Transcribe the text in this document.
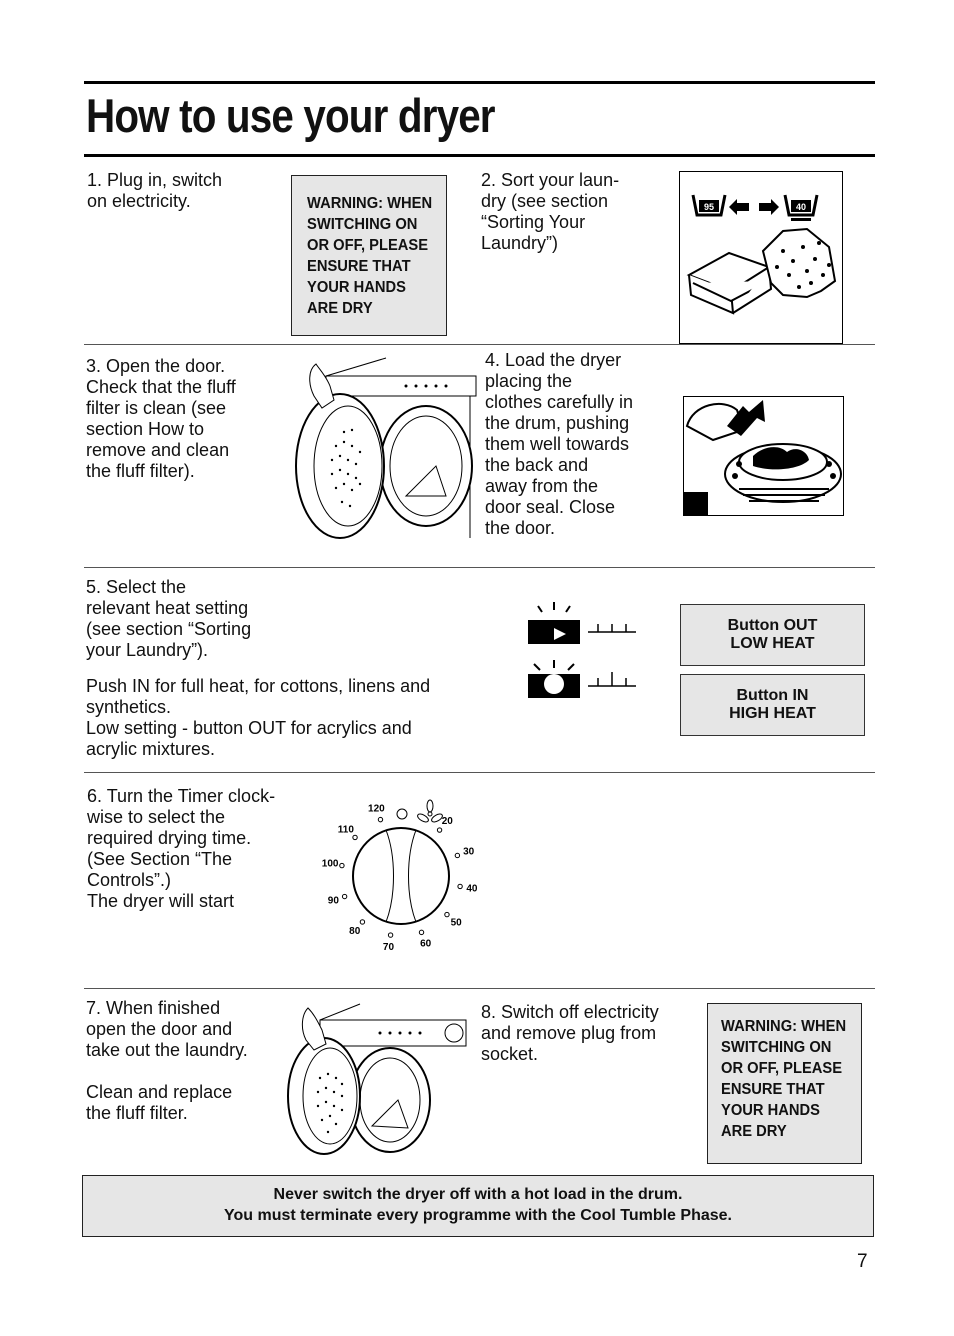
How to use your dryer
1. Plug in, switch
on electricity.	WARNING: WHEN
SWITCHING ON
OR OFF, PLEASE
ENSURE THAT
YOUR HANDS
ARE DRY
2. Sort your laun-
dry (see section
“Sorting Your
Laundry”)
95	40
3. Open the door.
Check that the fluff
filter is clean (see
section How to
remove and clean
the fluff filter).
4. Load the dryer
placing the
clothes carefully in
the drum, pushing
them well towards
the back and
away from the
door seal. Close
the door.
5. Select the
relevant heat setting
(see section “Sorting
your Laundry”).
Push IN for full heat, for cottons, linens and
synthetics.
Low setting - button OUT for acrylics and
acrylic mixtures.
Button OUT
LOW HEAT
Button IN
HIGH HEAT
6. Turn the Timer clock-
wise to select the
required drying time.
(See Section “The
Controls”.)
The dryer will start
120
110
100
90
80
70	60
50
40
30
20
7. When finished
open the door and
take out the laundry.
Clean and replace
the fluff filter.
8. Switch off electricity
and remove plug from
socket.
WARNING: WHEN
SWITCHING ON
OR OFF, PLEASE
ENSURE THAT
YOUR HANDS
ARE DRY
Never switch the dryer off with a hot load in the drum.
You must terminate every programme with the Cool Tumble Phase.
7
